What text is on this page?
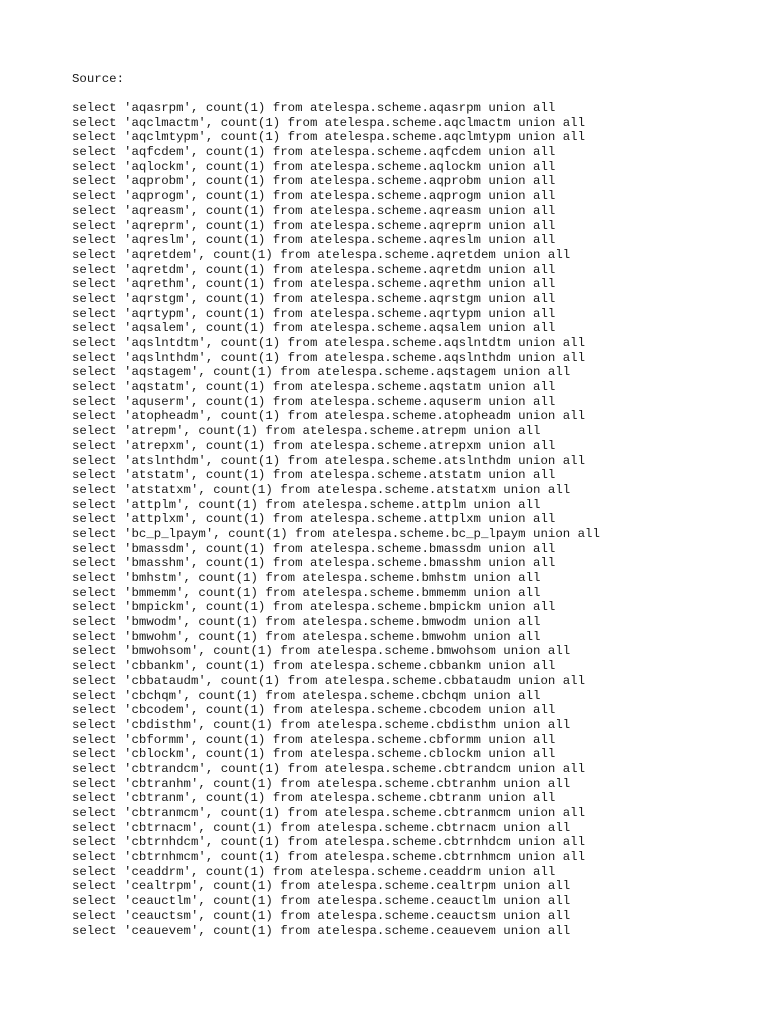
Source:
select 'aqasrpm', count(1) from atelespa.scheme.aqasrpm union all
select 'aqclmactm', count(1) from atelespa.scheme.aqclmactm union all
select 'aqclmtypm', count(1) from atelespa.scheme.aqclmtypm union all
select 'aqfcdem', count(1) from atelespa.scheme.aqfcdem union all
select 'aqlockm', count(1) from atelespa.scheme.aqlockm union all
select 'aqprobm', count(1) from atelespa.scheme.aqprobm union all
select 'aqprogm', count(1) from atelespa.scheme.aqprogm union all
select 'aqreasm', count(1) from atelespa.scheme.aqreasm union all
select 'aqreprm', count(1) from atelespa.scheme.aqreprm union all
select 'aqreslm', count(1) from atelespa.scheme.aqreslm union all
select 'aqretdem', count(1) from atelespa.scheme.aqretdem union all
select 'aqretdm', count(1) from atelespa.scheme.aqretdm union all
select 'aqrethm', count(1) from atelespa.scheme.aqrethm union all
select 'aqrstgm', count(1) from atelespa.scheme.aqrstgm union all
select 'aqrtypm', count(1) from atelespa.scheme.aqrtypm union all
select 'aqsalem', count(1) from atelespa.scheme.aqsalem union all
select 'aqslntdtm', count(1) from atelespa.scheme.aqslntdtm union all
select 'aqslnthdm', count(1) from atelespa.scheme.aqslnthdm union all
select 'aqstagem', count(1) from atelespa.scheme.aqstagem union all
select 'aqstatm', count(1) from atelespa.scheme.aqstatm union all
select 'aquserm', count(1) from atelespa.scheme.aquserm union all
select 'atopheadm', count(1) from atelespa.scheme.atopheadm union all
select 'atrepm', count(1) from atelespa.scheme.atrepm union all
select 'atrepxm', count(1) from atelespa.scheme.atrepxm union all
select 'atslnthdm', count(1) from atelespa.scheme.atslnthdm union all
select 'atstatm', count(1) from atelespa.scheme.atstatm union all
select 'atstatxm', count(1) from atelespa.scheme.atstatxm union all
select 'attplm', count(1) from atelespa.scheme.attplm union all
select 'attplxm', count(1) from atelespa.scheme.attplxm union all
select 'bc_p_lpaym', count(1) from atelespa.scheme.bc_p_lpaym union all
select 'bmassdm', count(1) from atelespa.scheme.bmassdm union all
select 'bmasshm', count(1) from atelespa.scheme.bmasshm union all
select 'bmhstm', count(1) from atelespa.scheme.bmhstm union all
select 'bmmemm', count(1) from atelespa.scheme.bmmemm union all
select 'bmpickm', count(1) from atelespa.scheme.bmpickm union all
select 'bmwodm', count(1) from atelespa.scheme.bmwodm union all
select 'bmwohm', count(1) from atelespa.scheme.bmwohm union all
select 'bmwohsom', count(1) from atelespa.scheme.bmwohsom union all
select 'cbbankm', count(1) from atelespa.scheme.cbbankm union all
select 'cbbataudm', count(1) from atelespa.scheme.cbbataudm union all
select 'cbchqm', count(1) from atelespa.scheme.cbchqm union all
select 'cbcodem', count(1) from atelespa.scheme.cbcodem union all
select 'cbdisthm', count(1) from atelespa.scheme.cbdisthm union all
select 'cbformm', count(1) from atelespa.scheme.cbformm union all
select 'cblockm', count(1) from atelespa.scheme.cblockm union all
select 'cbtrandcm', count(1) from atelespa.scheme.cbtrandcm union all
select 'cbtranhm', count(1) from atelespa.scheme.cbtranhm union all
select 'cbtranm', count(1) from atelespa.scheme.cbtranm union all
select 'cbtranmcm', count(1) from atelespa.scheme.cbtranmcm union all
select 'cbtrnacm', count(1) from atelespa.scheme.cbtrnacm union all
select 'cbtrnhdcm', count(1) from atelespa.scheme.cbtrnhdcm union all
select 'cbtrnhmcm', count(1) from atelespa.scheme.cbtrnhmcm union all
select 'ceaddrm', count(1) from atelespa.scheme.ceaddrm union all
select 'cealtrpm', count(1) from atelespa.scheme.cealtrpm union all
select 'ceauctlm', count(1) from atelespa.scheme.ceauctlm union all
select 'ceauctsm', count(1) from atelespa.scheme.ceauctsm union all
select 'ceauevem', count(1) from atelespa.scheme.ceauevem union all
